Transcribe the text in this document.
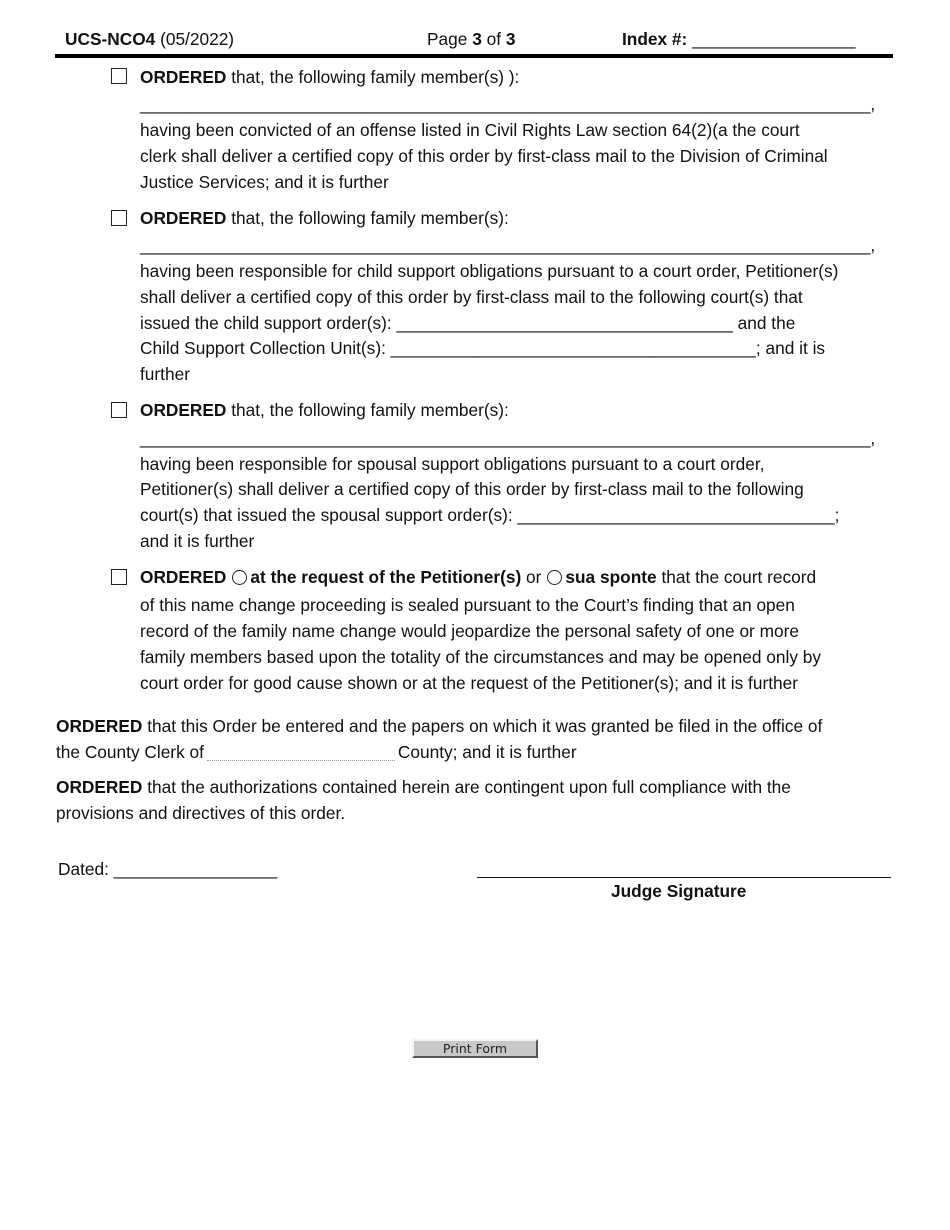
UCS-NCO4 (05/2022)	Page 3 of 3	Index #: _________________
ORDERED that, the following family member(s) ):
____________________________________________________________________________,
having been convicted of an offense listed in Civil Rights Law section 64(2)(a the court
clerk shall deliver a certified copy of this order by first-class mail to the Division of Criminal
Justice Services; and it is further
ORDERED that, the following family member(s):
____________________________________________________________________________,
having been responsible for child support obligations pursuant to a court order, Petitioner(s)
shall deliver a certified copy of this order by first-class mail to the following court(s) that
issued the child support order(s): ___________________________________ and the
Child Support Collection Unit(s): ______________________________________; and it is
further
ORDERED that, the following family member(s):
____________________________________________________________________________,
having been responsible for spousal support obligations pursuant to a court order,
Petitioner(s) shall deliver a certified copy of this order by first-class mail to the following
court(s) that issued the spousal support order(s): _________________________________;
and it is further
ORDERED at the request of the Petitioner(s) or sua sponte that the court record
of this name change proceeding is sealed pursuant to the Court’s finding that an open
record of the family name change would jeopardize the personal safety of one or more
family members based upon the totality of the circumstances and may be opened only by
court order for good cause shown or at the request of the Petitioner(s); and it is further
ORDERED that this Order be entered and the papers on which it was granted be filed in the office of
the County Clerk of	County; and it is further
ORDERED that the authorizations contained herein are contingent upon full compliance with the
provisions and directives of this order.
Dated: _________________
Judge Signature
Print Form
